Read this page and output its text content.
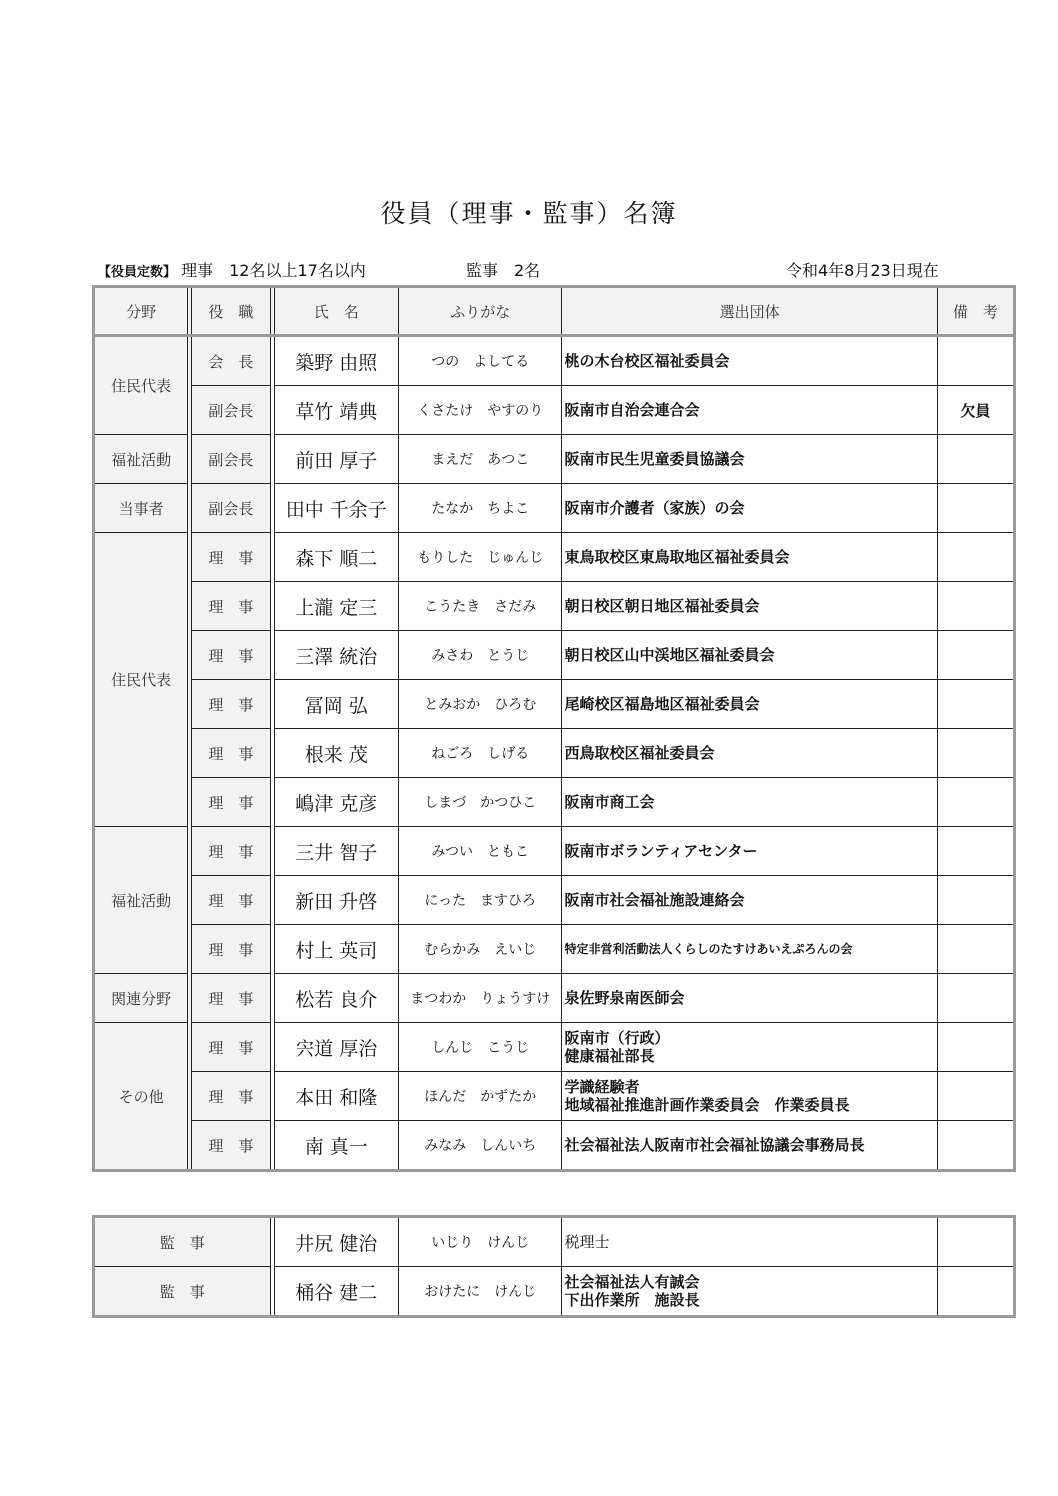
役員（理事・監事）名簿
【役員定数】 理事　12名以上17名以内	監事　2名	令和4年8月23日現在
分野		役　職		氏　名	ふりがな	選出団体	備　考
住民代表		会　長		築野 由照	つの　よしてる	桃の木台校区福祉委員会	
		副会長		草竹 靖典	くさたけ　やすのり	阪南市自治会連合会	欠員
福祉活動		副会長		前田 厚子	まえだ　あつこ	阪南市民生児童委員協議会	
当事者		副会長		田中 千余子	たなか　ちよこ	阪南市介護者（家族）の会	
住民代表		理　事		森下 順二	もりした　じゅんじ	東鳥取校区東鳥取地区福祉委員会	
		理　事		上瀧 定三	こうたき　さだみ	朝日校区朝日地区福祉委員会	
		理　事		三澤 統治	みさわ　とうじ	朝日校区山中渓地区福祉委員会	
		理　事		冨岡 弘	とみおか　ひろむ	尾崎校区福島地区福祉委員会	
		理　事		根来 茂	ねごろ　しげる	西鳥取校区福祉委員会	
		理　事		嶋津 克彦	しまづ　かつひこ	阪南市商工会	
福祉活動		理　事		三井 智子	みつい　ともこ	阪南市ボランティアセンター	
		理　事		新田 升啓	にった　ますひろ	阪南市社会福祉施設連絡会	
		理　事		村上 英司	むらかみ　えいじ	特定非営利活動法人くらしのたすけあいえぷろんの会	
関連分野		理　事		松若 良介	まつわか　りょうすけ	泉佐野泉南医師会	
その他		理　事		宍道 厚治	しんじ　こうじ	阪南市（行政）
健康福祉部長	

		理　事		本田 和隆	ほんだ　かずたか	学識経験者
地域福祉推進計画作業委員会　作業委員長	

		理　事		南 真一	みなみ　しんいち	社会福祉法人阪南市社会福祉協議会事務局長	
監　事		井尻 健治	いじり　けんじ	税理士	
監　事		桶谷 建二	おけたに　けんじ	社会福祉法人有誠会
下出作業所　施設長	
